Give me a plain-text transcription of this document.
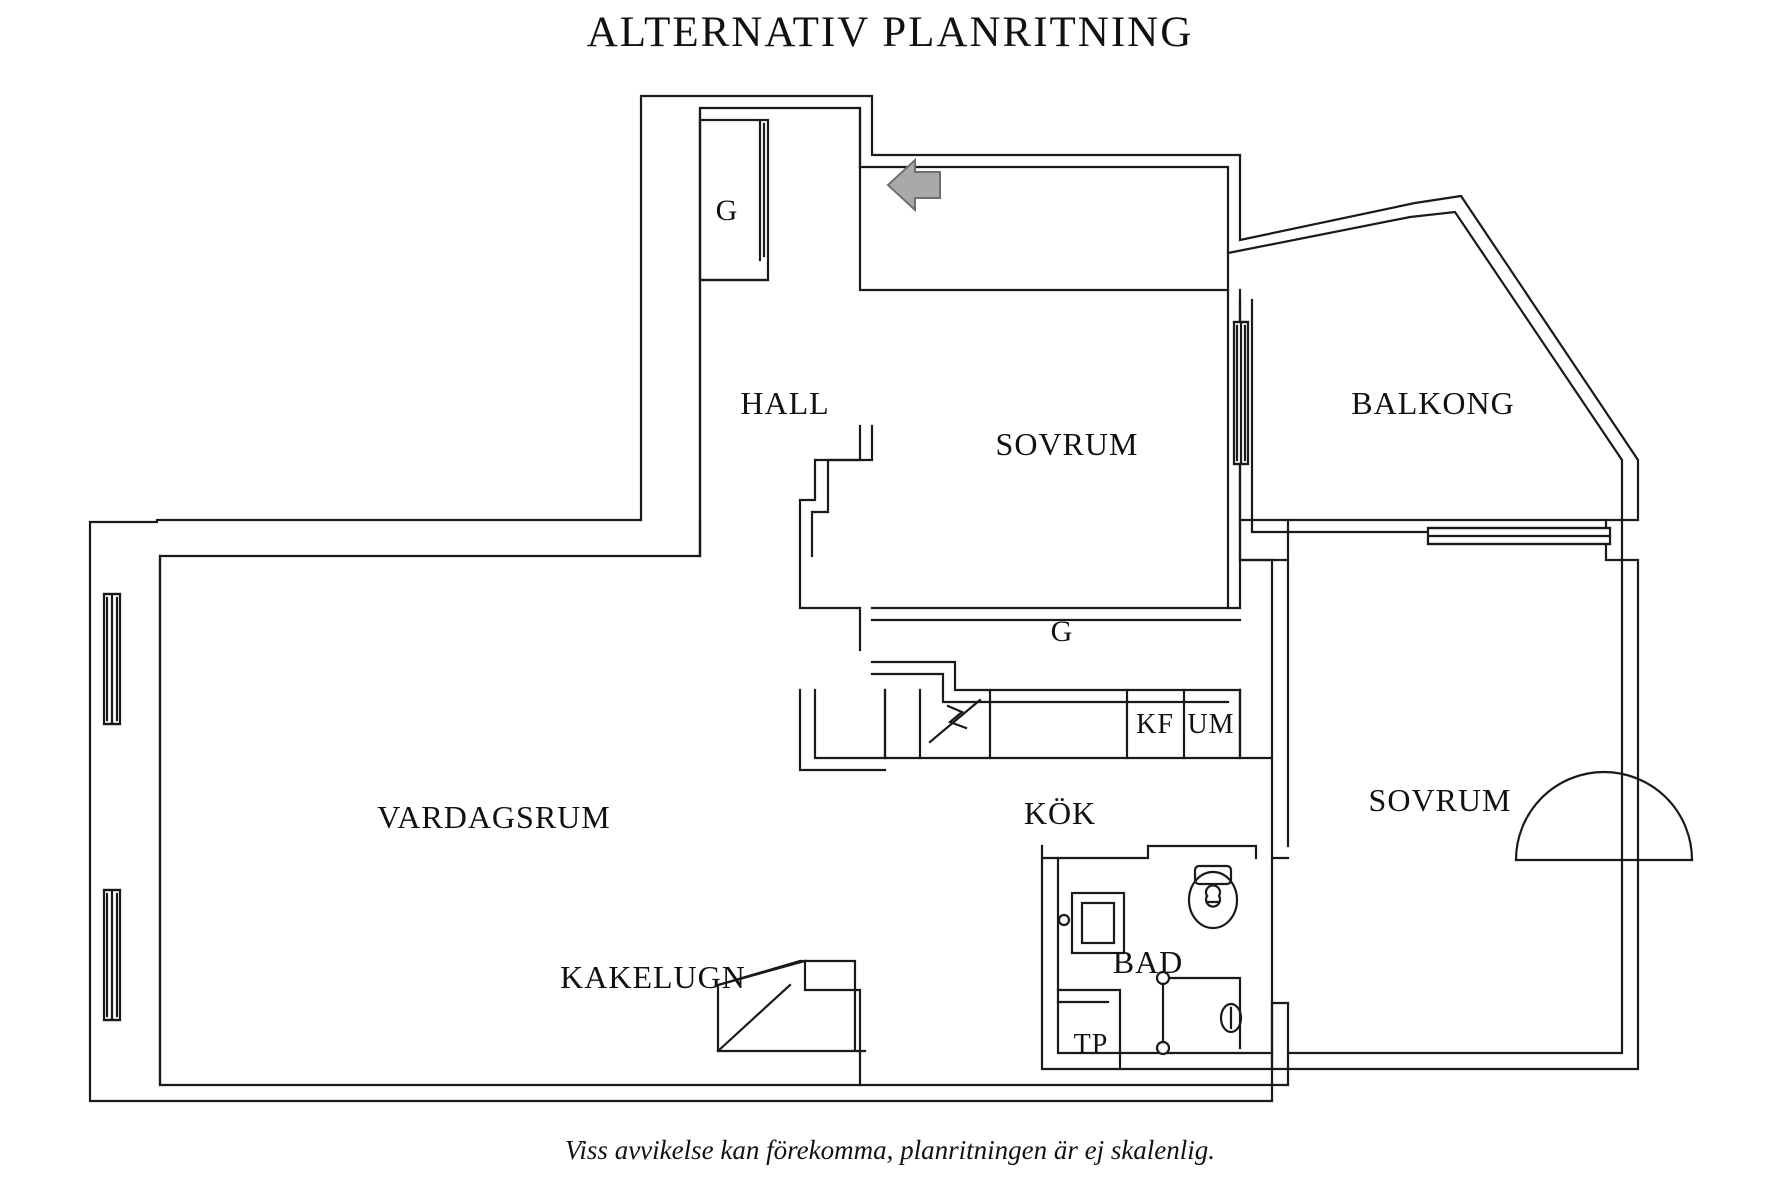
ALTERNATIV PLANRITNING
G
HALL
SOVRUM
BALKONG
G
KF UM
VARDAGSRUM	KÖK	SOVRUM
KAKELUGN	BAD
TP
Viss avvikelse kan förekomma, planritningen är ej skalenlig.
